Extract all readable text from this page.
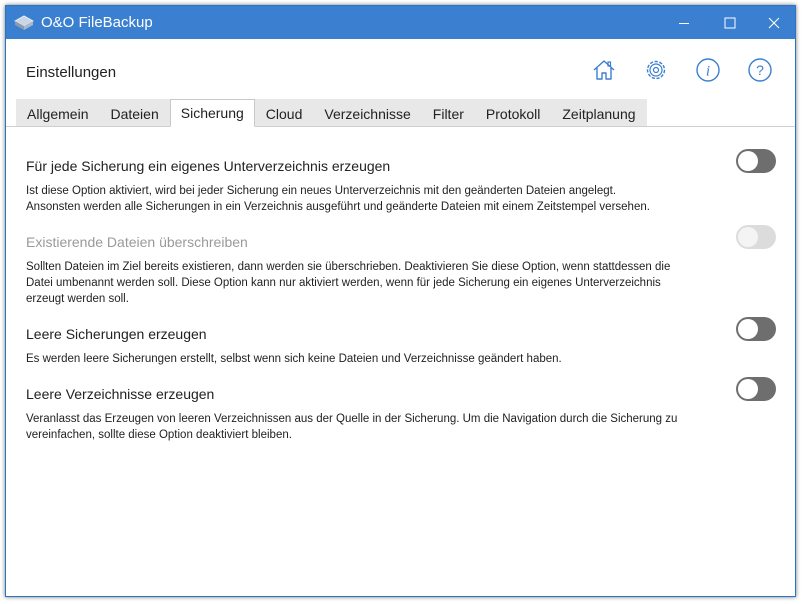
O&O FileBackup
Einstellungen	i	?
Allgemein	Dateien	Sicherung	Cloud	Verzeichnisse	Filter	Protokoll	Zeitplanung
Für jede Sicherung ein eigenes Unterverzeichnis erzeugen
Ist diese Option aktiviert, wird bei jeder Sicherung ein neues Unterverzeichnis mit den geänderten Dateien angelegt.
Ansonsten werden alle Sicherungen in ein Verzeichnis ausgeführt und geänderte Dateien mit einem Zeitstempel versehen.
Existierende Dateien überschreiben
Sollten Dateien im Ziel bereits existieren, dann werden sie überschrieben. Deaktivieren Sie diese Option, wenn stattdessen die
Datei umbenannt werden soll. Diese Option kann nur aktiviert werden, wenn für jede Sicherung ein eigenes Unterverzeichnis
erzeugt werden soll.
Leere Sicherungen erzeugen
Es werden leere Sicherungen erstellt, selbst wenn sich keine Dateien und Verzeichnisse geändert haben.
Leere Verzeichnisse erzeugen
Veranlasst das Erzeugen von leeren Verzeichnissen aus der Quelle in der Sicherung. Um die Navigation durch die Sicherung zu
vereinfachen, sollte diese Option deaktiviert bleiben.
